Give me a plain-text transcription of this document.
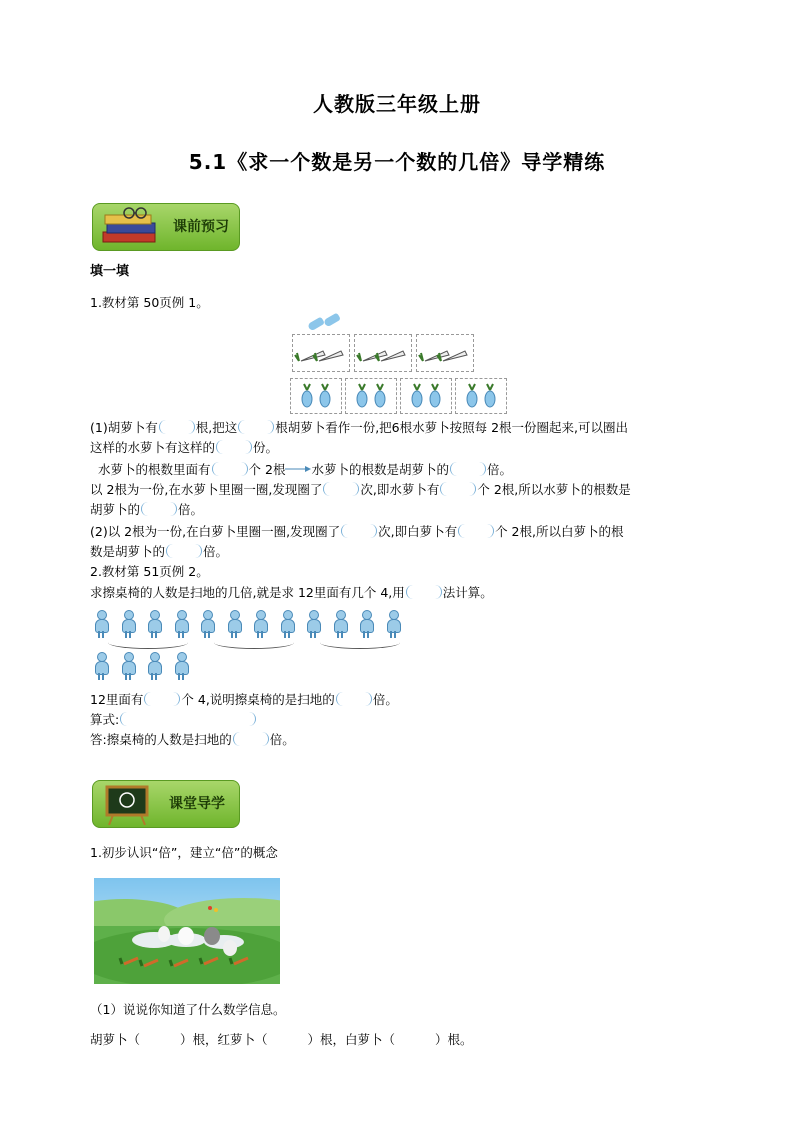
人教版三年级上册
5.1《求一个数是另一个数的几倍》导学精练
课前预习
填一填
1.教材第 50页例 1。
(1)胡萝卜有	根,把这	根胡萝卜看作一份,把6根水萝卜按照每 2根一份圈起来,可以圈出
这样的水萝卜有这样的	份。
水萝卜的根数里面有	个 2根 水萝卜的根数是胡萝卜的	倍。
以 2根为一份,在水萝卜里圈一圈,发现圈了	次,即水萝卜有	个 2根,所以水萝卜的根数是
胡萝卜的	倍。
(2)以 2根为一份,在白萝卜里圈一圈,发现圈了	次,即白萝卜有	个 2根,所以白萝卜的根
数是胡萝卜的	倍。
2.教材第 51页例 2。
求擦桌椅的人数是扫地的几倍,就是求 12里面有几个 4,用	法计算。
12里面有	个 4,说明擦桌椅的是扫地的	倍。
算式:
答:擦桌椅的人数是扫地的	倍。
课堂导学
1.初步认识“倍”，建立“倍”的概念
（1）说说你知道了什么数学信息。
胡萝卜（	）根，红萝卜（	）根，白萝卜（	）根。
